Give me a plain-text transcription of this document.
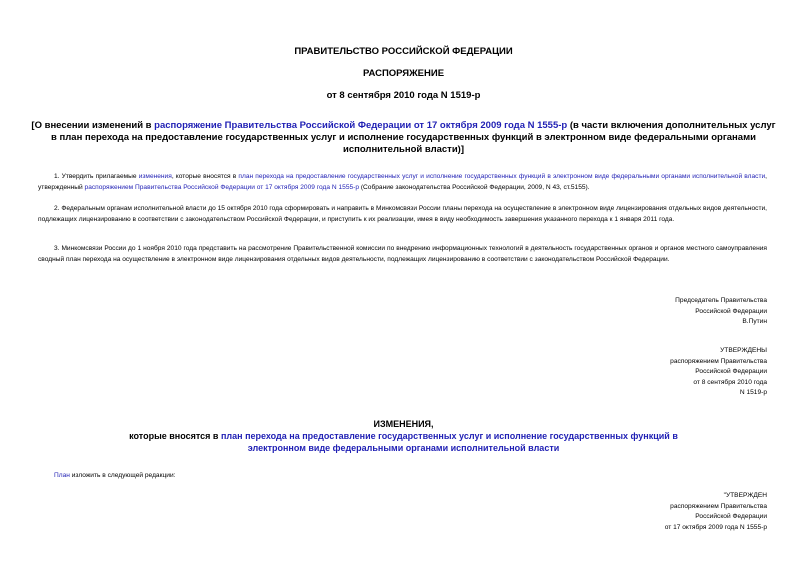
ПРАВИТЕЛЬСТВО РОССИЙСКОЙ ФЕДЕРАЦИИ
РАСПОРЯЖЕНИЕ
от 8 сентября 2010 года N 1519-р
[О внесении изменений в распоряжение Правительства Российской Федерации от 17 октября 2009 года N 1555-р (в части включения дополнительных услуг в план перехода на предоставление государственных услуг и исполнение государственных функций в электронном виде федеральными органами исполнительной власти)]
1. Утвердить прилагаемые изменения, которые вносятся в план перехода на предоставление государственных услуг и исполнение государственных функций в электронном виде федеральными органами исполнительной власти, утвержденный распоряжением Правительства Российской Федерации от 17 октября 2009 года N 1555-р (Собрание законодательства Российской Федерации, 2009, N 43, ст.5155).
2. Федеральным органам исполнительной власти до 15 октября 2010 года сформировать и направить в Минкомсвязи России планы перехода на осуществление в электронном виде лицензирования отдельных видов деятельности, подлежащих лицензированию в соответствии с законодательством Российской Федерации, и приступить к их реализации, имея в виду необходимость завершения указанного перехода к 1 января 2011 года.
3. Минкомсвязи России до 1 ноября 2010 года представить на рассмотрение Правительственной комиссии по внедрению информационных технологий в деятельность государственных органов и органов местного самоуправления сводный план перехода на осуществление в электронном виде лицензирования отдельных видов деятельности, подлежащих лицензированию в соответствии с законодательством Российской Федерации.
Председатель Правительства
Российской Федерации
В.Путин
УТВЕРЖДЕНЫ
распоряжением Правительства
Российской Федерации
от 8 сентября 2010 года
N 1519-р
ИЗМЕНЕНИЯ,
которые вносятся в план перехода на предоставление государственных услуг и исполнение государственных функций в электронном виде федеральными органами исполнительной власти
План изложить в следующей редакции:
"УТВЕРЖДЕН
распоряжением Правительства
Российской Федерации
от 17 октября 2009 года N 1555-р
